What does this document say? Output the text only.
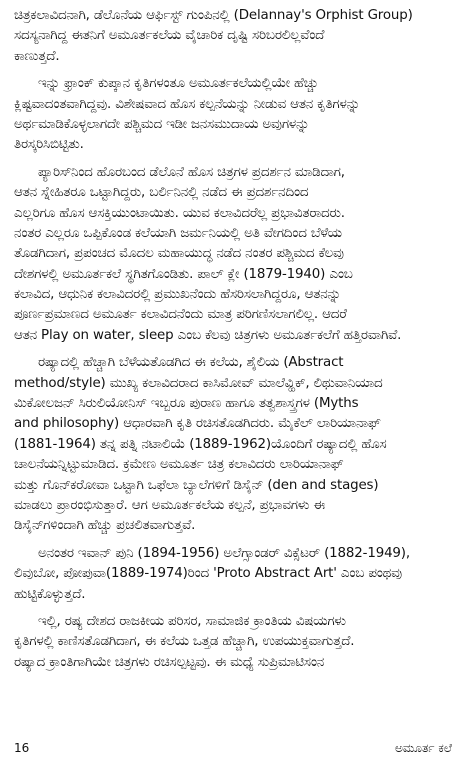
ಚಿತ್ರಕಲಾವಿದನಾಗಿ, ಡೆಲೊನೆಯ ಆರ್ಫಿಸ್ಟ್ ಗುಂಪಿನಲ್ಲಿ (Delannay's Orphist Group)
ಸದಸ್ಯನಾಗಿದ್ದ ಈತನಿಗೆ ಅಮೂರ್ತಕಲೆಯ ವೈಚಾರಿಕ ದೃಷ್ಟಿ ಸರಿಬರಲಿಲ್ಲವೆಂದೆ
ಕಾಣುತ್ತದೆ.
ಇನ್ನು ಫ್ರಾಂಕ್ ಕುಪ್ಕಾನ ಕೃತಿಗಳಂತೂ ಅಮೂರ್ತಕಲೆಯಲ್ಲಿಯೇ ಹೆಚ್ಚು
ಕ್ಲಿಷ್ಟವಾದಂತವಾಗಿದ್ದವು. ವಿಶೇಷವಾದ ಹೊಸ ಕಲ್ಪನೆಯನ್ನು ನೀಡುವ ಆತನ ಕೃತಿಗಳನ್ನು
ಅರ್ಥಮಾಡಿಕೊಳ್ಳಲಾಗದೇ ಪಶ್ಚಿಮದ ಇಡೀ ಜನಸಮುದಾಯ ಅವುಗಳನ್ನು
ತಿರಸ್ಕರಿಸಿಬಿಟ್ಟಿತು.
ಪ್ಯಾರಿಸ್‍ನಿಂದ ಹೊರಬಂದ ಡೆಲೊನೆ ಹೊಸ ಚಿತ್ರಗಳ ಪ್ರದರ್ಶನ ಮಾಡಿದಾಗ,
ಆತನ ಸ್ನೇಹಿತರೂ ಒಟ್ಟಾಗಿದ್ದರು, ಬರ್ಲಿನಿನಲ್ಲಿ ನಡೆದ ಈ ಪ್ರದರ್ಶನದಿಂದ
ಎಲ್ಲರಿಗೂ ಹೊಸ ಆಸಕ್ತಿಯುಂಟಾಯಿತು. ಯುವ ಕಲಾವಿದರೆಲ್ಲ ಪ್ರಭಾವಿತರಾದರು.
ನಂತರ ಎಲ್ಲರೂ ಒಪ್ಪಿಕೊಂಡ ಕಲೆಯಾಗಿ ಜರ್ಮನಿಯಲ್ಲಿ ಅತಿ ವೇಗದಿಂದ ಬೆಳೆಯ
ತೊಡಗಿದಾಗ, ಪ್ರಪಂಚದ ಮೊದಲ ಮಹಾಯುದ್ಧ ನಡೆದ ನಂತರ ಪಶ್ಚಿಮದ ಕೆಲವು
ದೇಶಗಳಲ್ಲಿ ಅಮೂರ್ತಕಲೆ ಸ್ಥಗಿತಗೊಂಡಿತು. ಪಾಲ್ ಕ್ಲೇ (1879-1940) ಎಂಬ
ಕಲಾವಿದ, ಆಧುನಿಕ ಕಲಾವಿದರಲ್ಲಿ ಪ್ರಮುಖನೆಂದು ಹೆಸರಿಸಲಾಗಿದ್ದರೂ, ಆತನನ್ನು
ಪೂರ್ಣಪ್ರಮಾಣದ ಅಮೂರ್ತ ಕಲಾವಿದನೆಂದು ಮಾತ್ರ ಪರಿಗಣಿಸಲಾಗಲಿಲ್ಲ. ಆದರೆ
ಆತನ Play on water, sleep ಎಂಬ ಕೆಲವು ಚಿತ್ರಗಳು ಅಮೂರ್ತಕಲೆಗೆ ಹತ್ತಿರವಾಗಿವೆ.
ರಷ್ಯಾದಲ್ಲಿ ಹೆಚ್ಚಾಗಿ ಬೆಳೆಯತೊಡಗಿದ ಈ ಕಲೆಯ, ಶೈಲಿಯ (Abstract
method/style) ಮುಖ್ಯ ಕಲಾವಿದರಾದ ಕಾಸಿಮೋವ್ ಮಾಲೆವ್ಹಿಕ್, ಲಿಥುವಾನಿಯಾದ
ಮಿಕೋಲಜನ್ ಸಿರುಲಿಯೋನಿಸ್ ಇಬ್ಬರೂ ಪುರಾಣ ಹಾಗೂ ತತ್ವಶಾಸ್ತ್ರಗಳ (Myths
and philosophy) ಆಧಾರವಾಗಿ ಕೃತಿ ರಚಿಸತೊಡಗಿದರು. ಮೈಕೆಲ್ ಲಾರಿಯಾನಾಫ್
(1881-1964) ತನ್ನ ಪತ್ನಿ ನಟಾಲಿಯೆ (1889-1962)ಯೊಂದಿಗೆ ರಷ್ಯಾದಲ್ಲಿ ಹೊಸ
ಚಾಲನೆಯನ್ನಿಟ್ಟುಮಾಡಿದ. ಕ್ರಮೇಣ ಅಮೂರ್ತ ಚಿತ್ರ ಕಲಾವಿದರು ಲಾರಿಯಾನಾಫ್
ಮತ್ತು ಗೊನ್‍ಕರೋವಾ ಒಟ್ಟಾಗಿ ಒಫೆಲಾ ಬ್ಯಾಲೆಗಳಿಗೆ ಡಿಸೈನ್ (den and stages)
ಮಾಡಲು ಪ್ರಾರಂಭಿಸುತ್ತಾರೆ. ಆಗ ಅಮೂರ್ತಕಲೆಯ ಕಲ್ಪನೆ, ಪ್ರಭಾವಗಳು ಈ
ಡಿಸೈನ್‍ಗಳಿಂದಾಗಿ ಹೆಚ್ಚು ಪ್ರಚಲಿತವಾಗುತ್ತವೆ.
ಅನಂತರ ಇವಾನ್ ಪುನಿ (1894-1956) ಅಲೆಗ್ಸಾಂಡರ್ ವಿಕ್ಸೆಟರ್ (1882-1949),
ಲಿವುಬೋ, ಪೋಪುವಾ(1889-1974)ರಿಂದ 'Proto Abstract Art' ಎಂಬ ಪಂಥವು
ಹುಟ್ಟಿಕೊಳ್ಳುತ್ತದೆ.
ಇಲ್ಲಿ, ರಷ್ಯ ದೇಶದ ರಾಜಕೀಯ ಪರಿಸರ, ಸಾಮಾಜಿಕ ಕ್ರಾಂತಿಯ ವಿಷಯಗಳು
ಕೃತಿಗಳಲ್ಲಿ ಕಾಣಿಸತೊಡಗಿದಾಗ, ಈ ಕಲೆಯ ಒತ್ತಡ ಹೆಚ್ಚಾಗಿ, ಉಪಯುಕ್ತವಾಗುತ್ತದೆ.
ರಷ್ಯಾದ ಕ್ರಾಂತಿಗಾಗಿಯೇ ಚಿತ್ರಗಳು ರಚಿಸಲ್ಪಟ್ಟವು. ಈ ಮಧ್ಯೆ ಸುಪ್ರಿಮಾಟಿಸಂನ
16	ಅಮೂರ್ತ ಕಲೆ
